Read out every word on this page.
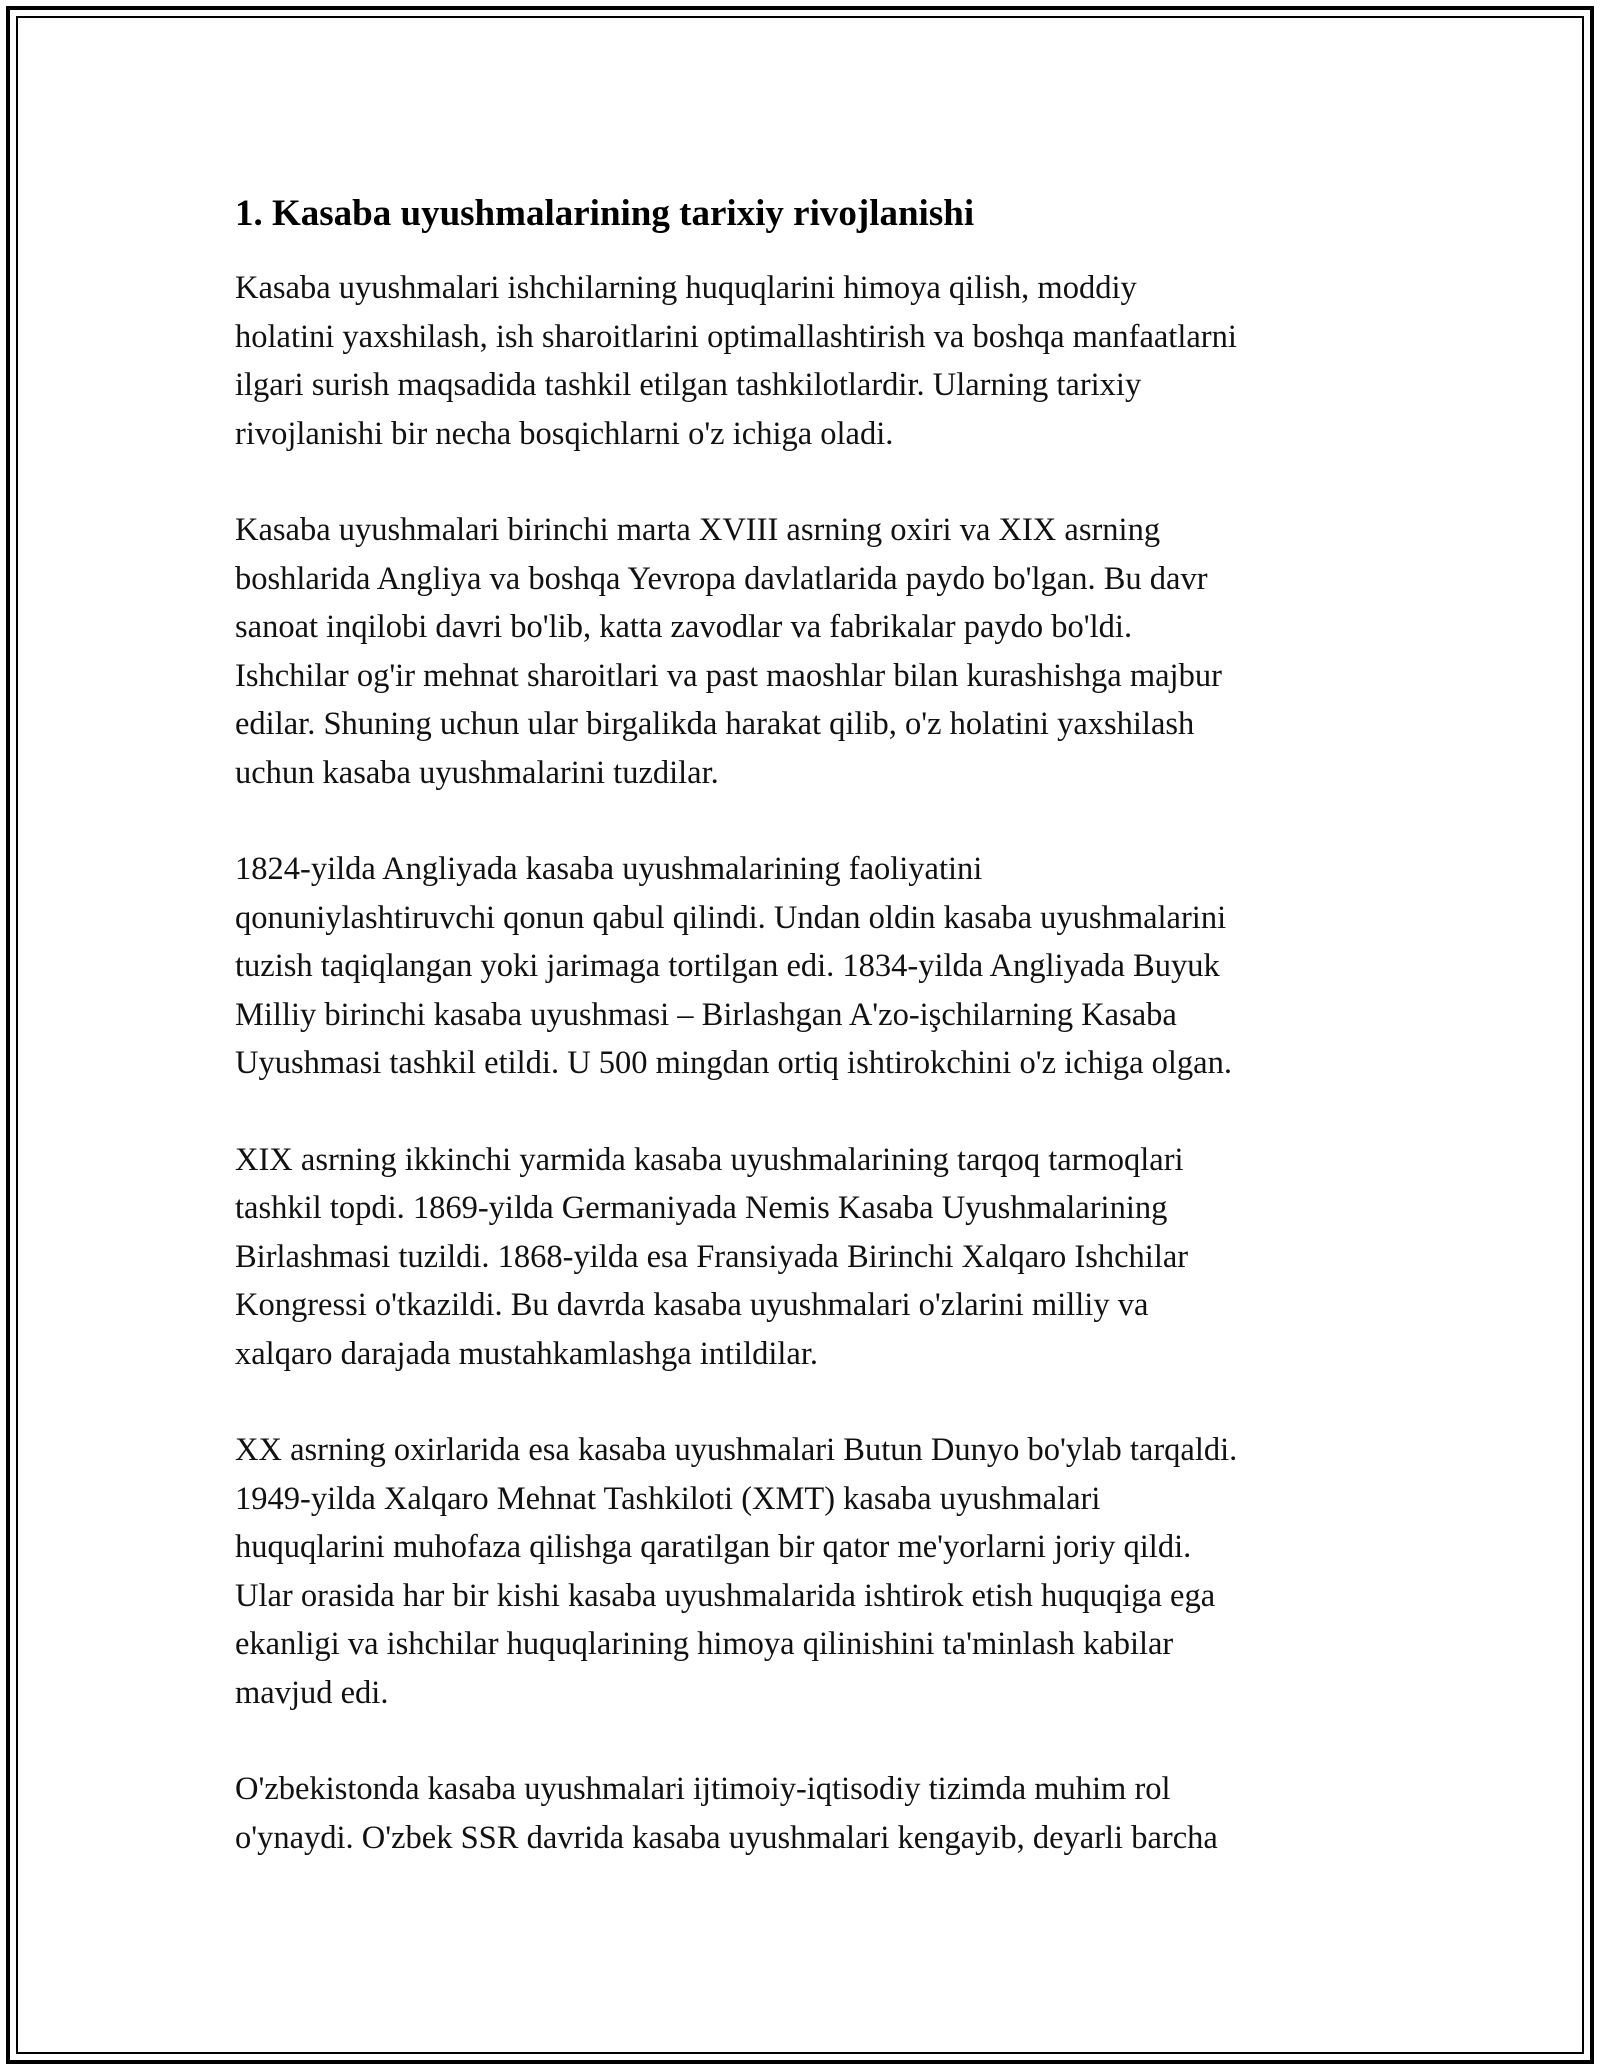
1. Kasaba uyushmalarining tarixiy rivojlanishi

Kasaba uyushmalari ishchilarning huquqlarini himoya qilish, moddiy
holatini yaxshilash, ish sharoitlarini optimallashtirish va boshqa manfaatlarni
ilgari surish maqsadida tashkil etilgan tashkilotlardir. Ularning tarixiy
rivojlanishi bir necha bosqichlarni o'z ichiga oladi.

Kasaba uyushmalari birinchi marta XVIII asrning oxiri va XIX asrning
boshlarida Angliya va boshqa Yevropa davlatlarida paydo bo'lgan. Bu davr
sanoat inqilobi davri bo'lib, katta zavodlar va fabrikalar paydo bo'ldi.
Ishchilar og'ir mehnat sharoitlari va past maoshlar bilan kurashishga majbur
edilar. Shuning uchun ular birgalikda harakat qilib, o'z holatini yaxshilash
uchun kasaba uyushmalarini tuzdilar.

1824-yilda Angliyada kasaba uyushmalarining faoliyatini
qonuniylashtiruvchi qonun qabul qilindi. Undan oldin kasaba uyushmalarini
tuzish taqiqlangan yoki jarimaga tortilgan edi. 1834-yilda Angliyada Buyuk
Milliy birinchi kasaba uyushmasi – Birlashgan A'zo-işchilarning Kasaba
Uyushmasi tashkil etildi. U 500 mingdan ortiq ishtirokchini o'z ichiga olgan.

XIX asrning ikkinchi yarmida kasaba uyushmalarining tarqoq tarmoqlari
tashkil topdi. 1869-yilda Germaniyada Nemis Kasaba Uyushmalarining
Birlashmasi tuzildi. 1868-yilda esa Fransiyada Birinchi Xalqaro Ishchilar
Kongressi o'tkazildi. Bu davrda kasaba uyushmalari o'zlarini milliy va
xalqaro darajada mustahkamlashga intildilar.

XX asrning oxirlarida esa kasaba uyushmalari Butun Dunyo bo'ylab tarqaldi.
1949-yilda Xalqaro Mehnat Tashkiloti (XMT) kasaba uyushmalari
huquqlarini muhofaza qilishga qaratilgan bir qator me'yorlarni joriy qildi.
Ular orasida har bir kishi kasaba uyushmalarida ishtirok etish huquqiga ega
ekanligi va ishchilar huquqlarining himoya qilinishini ta'minlash kabilar
mavjud edi.

O'zbekistonda kasaba uyushmalari ijtimoiy-iqtisodiy tizimda muhim rol
o'ynaydi. O'zbek SSR davrida kasaba uyushmalari kengayib, deyarli barcha
